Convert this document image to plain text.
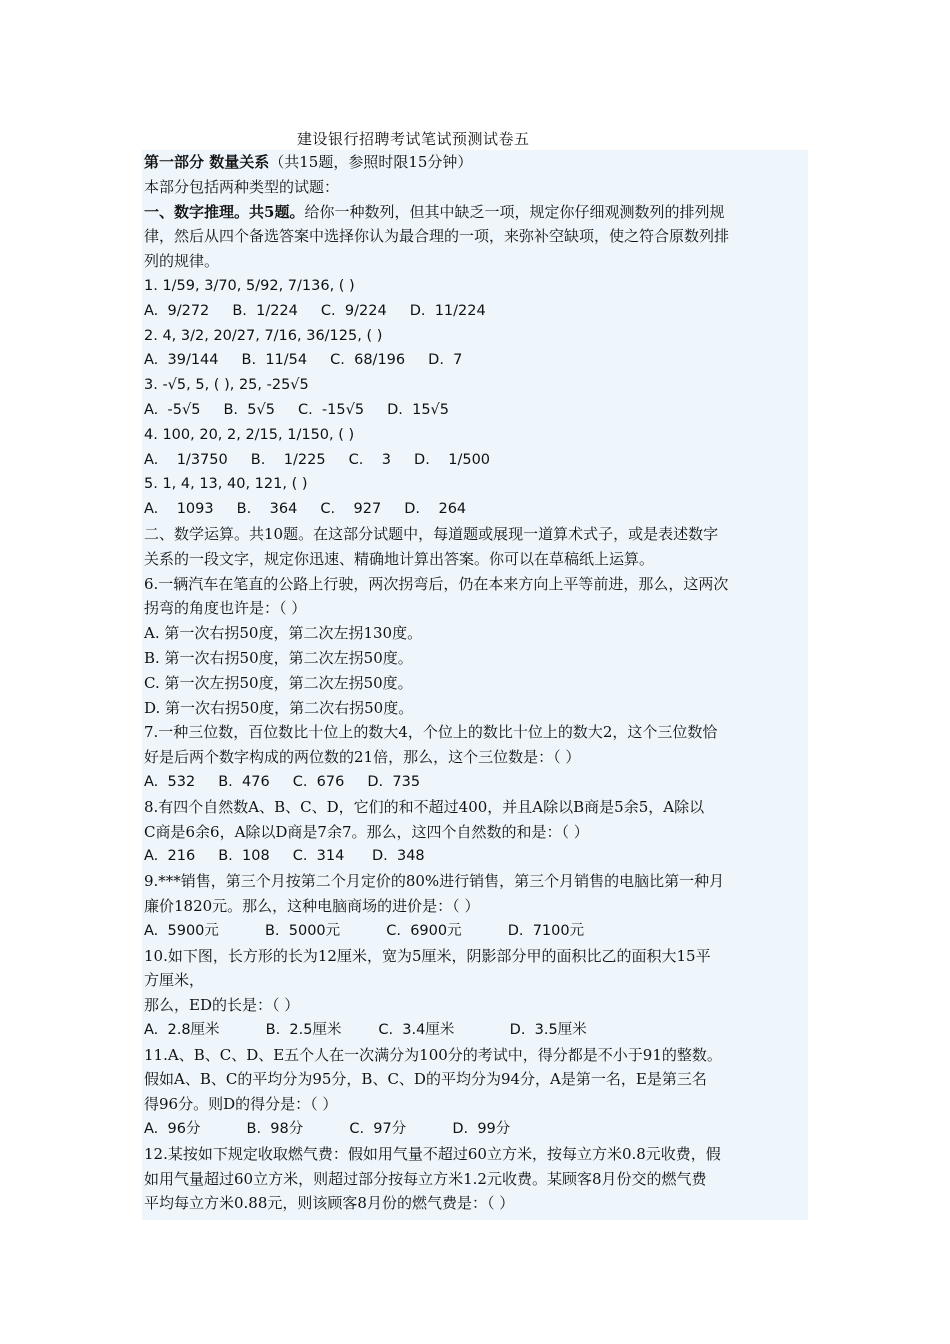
建设银行招聘考试笔试预测试卷五
第一部分 数量关系（共15题，参照时限15分钟）
本部分包括两种类型的试题：
一、数字推理。共5题。给你一种数列，但其中缺乏一项，规定你仔细观测数列的排列规
律，然后从四个备选答案中选择你认为最合理的一项，来弥补空缺项，使之符合原数列排
列的规律。
1. 1/59, 3/70, 5/92, 7/136, ( )
A.  9/272     B.  1/224     C.  9/224     D.  11/224
2. 4, 3/2, 20/27, 7/16, 36/125, ( )
A.  39/144     B.  11/54     C.  68/196     D.  7
3. -√5, 5, ( ), 25, -25√5
A.  -5√5     B.  5√5     C.  -15√5     D.  15√5
4. 100, 20, 2, 2/15, 1/150, ( )
A.    1/3750     B.    1/225     C.    3     D.    1/500
5. 1, 4, 13, 40, 121, ( )
A.    1093     B.    364     C.    927     D.    264
二、数学运算。共10题。在这部分试题中，每道题或展现一道算术式子，或是表述数字
关系的一段文字，规定你迅速、精确地计算出答案。你可以在草稿纸上运算。
6.一辆汽车在笔直的公路上行驶，两次拐弯后，仍在本来方向上平等前进，那么，这两次
拐弯的角度也许是：（ ）
A. 第一次右拐50度，第二次左拐130度。
B. 第一次右拐50度，第二次左拐50度。
C. 第一次左拐50度，第二次左拐50度。
D. 第一次右拐50度，第二次右拐50度。
7.一种三位数，百位数比十位上的数大4，个位上的数比十位上的数大2，这个三位数恰
好是后两个数字构成的两位数的21倍，那么，这个三位数是：（ ）
A.  532     B.  476     C.  676     D.  735
8.有四个自然数A、B、C、D，它们的和不超过400，并且A除以B商是5余5，A除以
C商是6余6，A除以D商是7余7。那么，这四个自然数的和是：（ ）
A.  216     B.  108     C.  314      D.  348
9.***销售，第三个月按第二个月定价的80%进行销售，第三个月销售的电脑比第一种月
廉价1820元。那么，这种电脑商场的进价是：（ ）
A.  5900元          B.  5000元          C.  6900元          D.  7100元
10.如下图，长方形的长为12厘米，宽为5厘米，阴影部分甲的面积比乙的面积大15平
方厘米，
那么，ED的长是：（ ）
A.  2.8厘米          B.  2.5厘米        C.  3.4厘米            D.  3.5厘米
11.A、B、C、D、E五个人在一次满分为100分的考试中，得分都是不小于91的整数。
假如A、B、C的平均分为95分，B、C、D的平均分为94分，A是第一名，E是第三名
得96分。则D的得分是：（ ）
A.  96分          B.  98分          C.  97分          D.  99分
12.某按如下规定收取燃气费：假如用气量不超过60立方米，按每立方米0.8元收费，假
如用气量超过60立方米，则超过部分按每立方米1.2元收费。某顾客8月份交的燃气费
平均每立方米0.88元，则该顾客8月份的燃气费是：（ ）
